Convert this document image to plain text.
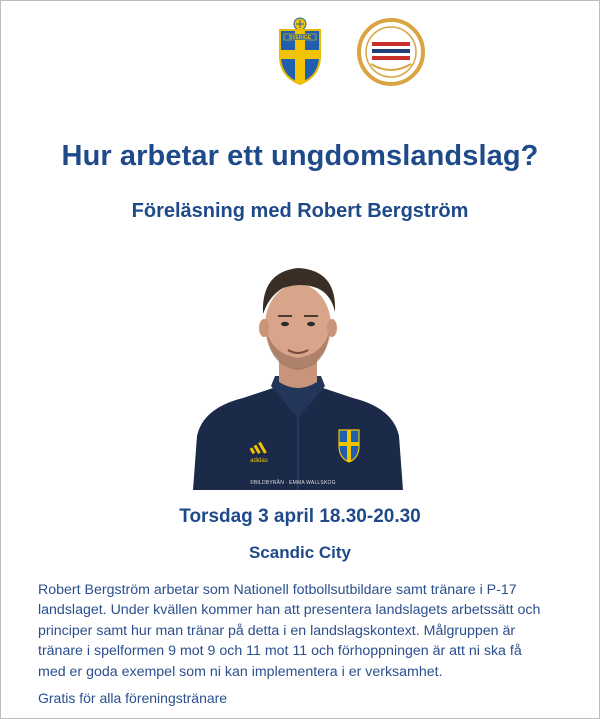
SVERIGE
Hur arbetar ett ungdomslandslag?
Föreläsning med Robert Bergström
adidas
©BILDBYRÅN · EMMA WALLSKOG
Torsdag 3 april 18.30-20.30
Scandic City
Robert Bergström arbetar som Nationell fotbollsutbildare samt tränare i P-17
landslaget. Under kvällen kommer han att presentera landslagets arbetssätt och
principer samt hur man tränar på detta i en landslagskontext. Målgruppen är
tränare i spelformen 9 mot 9 och 11 mot 11 och förhoppningen är att ni ska få
med er goda exempel som ni kan implementera i er verksamhet.
Gratis för alla föreningstränare
